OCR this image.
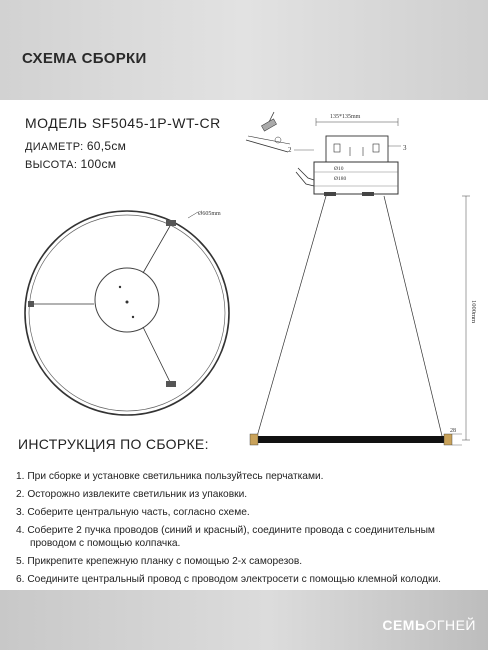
СХЕМА СБОРКИ
МОДЕЛЬ SF5045-1P-WT-CR
ДИАМЕТР: 60,5см
ВЫСОТА: 100см
Ø605mm
135*135mm
Ø10
Ø180
2	3
1000mm
28
ИНСТРУКЦИЯ ПО СБОРКЕ:
1. При сборке и установке светильника пользуйтесь перчатками.
2. Осторожно извлеките светильник из упаковки.
3. Соберите центральную часть, согласно схеме.
4. Соберите 2 пучка проводов (синий и красный), соедините провода с соединительным
проводом с помощью колпачка.
5. Прикрепите крепежную планку с помощью 2-х саморезов.
6. Соедините центральный провод с проводом электросети с помощью клемной колодки.
СЕМЬОГНЕЙ
